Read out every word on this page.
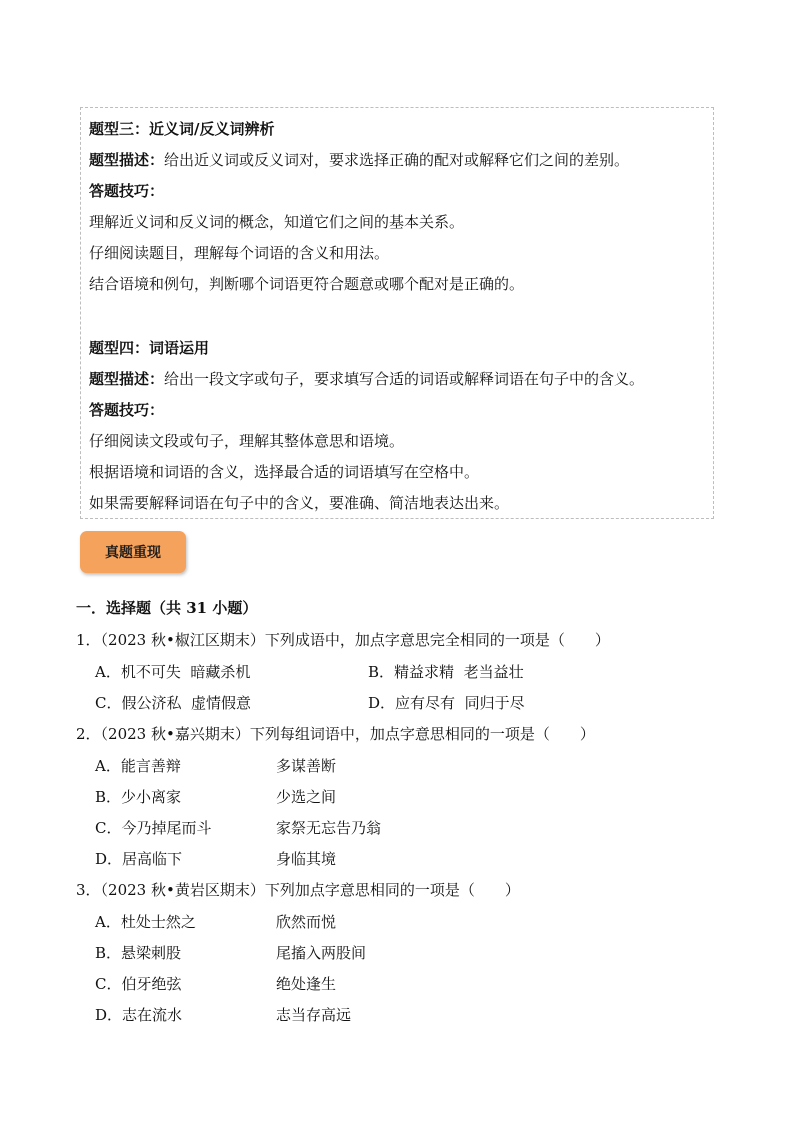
题型三：近义词/反义词辨析
题型描述：给出近义词或反义词对，要求选择正确的配对或解释它们之间的差别。
答题技巧：
理解近义词和反义词的概念，知道它们之间的基本关系。
仔细阅读题目，理解每个词语的含义和用法。
结合语境和例句，判断哪个词语更符合题意或哪个配对是正确的。
题型四：词语运用
题型描述：给出一段文字或句子，要求填写合适的词语或解释词语在句子中的含义。
答题技巧：
仔细阅读文段或句子，理解其整体意思和语境。
根据语境和词语的含义，选择最合适的词语填写在空格中。
如果需要解释词语在句子中的含义，要准确、简洁地表达出来。
真题重现
一．选择题（共 31 小题）
1．（2023 秋•椒江区期末）下列成语中，加点字意思完全相同的一项是（　　）
A．机不可失 暗藏杀机	B．精益求精 老当益壮
C．假公济私 虚情假意	D．应有尽有 同归于尽
2．（2023 秋•嘉兴期末）下列每组词语中，加点字意思相同的一项是（　　）
A．能言善辩	多谋善断
B．少小离家	少选之间
C．今乃掉尾而斗	家祭无忘告乃翁
D．居高临下	身临其境
3．（2023 秋•黄岩区期末）下列加点字意思相同的一项是（　　）
A．杜处士然之	欣然而悦
B．悬梁刺股	尾搐入两股间
C．伯牙绝弦	绝处逢生
D．志在流水	志当存高远
